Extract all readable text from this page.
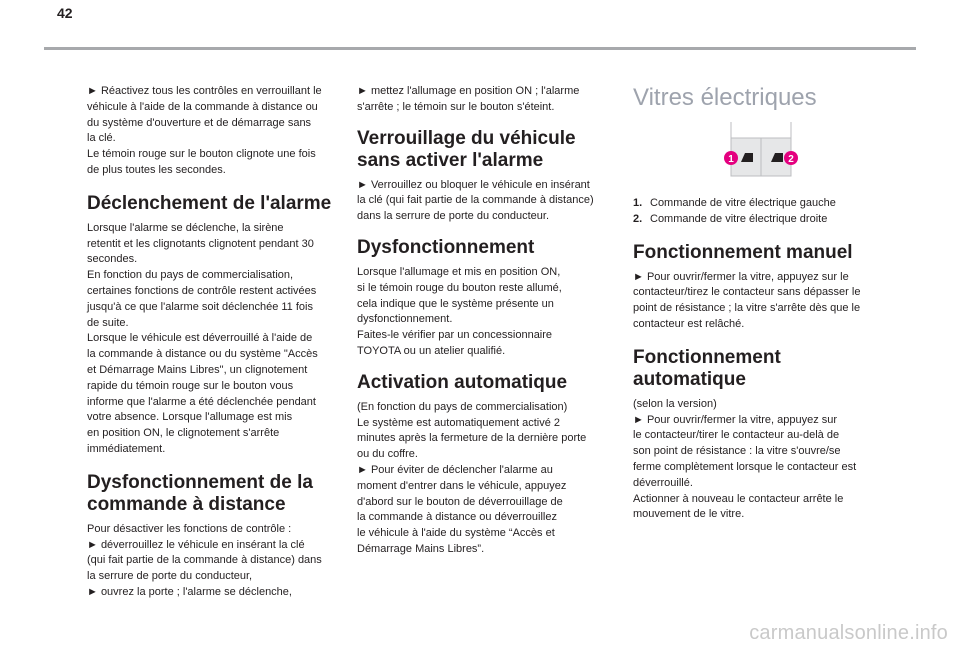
42
► Réactivez tous les contrôles en verrouillant le
véhicule à l'aide de la commande à distance ou
du système d'ouverture et de démarrage sans
la clé.
Le témoin rouge sur le bouton clignote une fois
de plus toutes les secondes.
Déclenchement de l'alarme
Lorsque l'alarme se déclenche, la sirène
retentit et les clignotants clignotent pendant 30
secondes.
En fonction du pays de commercialisation,
certaines fonctions de contrôle restent activées
jusqu'à ce que l'alarme soit déclenchée 11 fois
de suite.
Lorsque le véhicule est déverrouillé à l'aide de
la commande à distance ou du système "Accès
et Démarrage Mains Libres", un clignotement
rapide du témoin rouge sur le bouton vous
informe que l'alarme a été déclenchée pendant
votre absence. Lorsque l'allumage est mis
en position ON, le clignotement s'arrête
immédiatement.
Dysfonctionnement de la
commande à distance
Pour désactiver les fonctions de contrôle :
► déverrouillez le véhicule en insérant la clé
(qui fait partie de la commande à distance) dans
la serrure de porte du conducteur,
► ouvrez la porte ; l'alarme se déclenche,
► mettez l'allumage en position ON ; l'alarme
s'arrête ; le témoin sur le bouton s'éteint.
Verrouillage du véhicule
sans activer l'alarme
► Verrouillez ou bloquer le véhicule en insérant
la clé (qui fait partie de la commande à distance)
dans la serrure de porte du conducteur.
Dysfonctionnement
Lorsque l'allumage et mis en position ON,
si le témoin rouge du bouton reste allumé,
cela indique que le système présente un
dysfonctionnement.
Faites-le vérifier par un concessionnaire
TOYOTA ou un atelier qualifié.
Activation automatique
(En fonction du pays de commercialisation)
Le système est automatiquement activé 2
minutes après la fermeture de la dernière porte
ou du coffre.
► Pour éviter de déclencher l'alarme au
moment d'entrer dans le véhicule, appuyez
d'abord sur le bouton de déverrouillage de
la commande à distance ou déverrouillez
le véhicule à l'aide du système “Accès et
Démarrage Mains Libres”.
Vitres électriques
1	2
1. Commande de vitre électrique gauche
2. Commande de vitre électrique droite
Fonctionnement manuel
► Pour ouvrir/fermer la vitre, appuyez sur le
contacteur/tirez le contacteur sans dépasser le
point de résistance ; la vitre s'arrête dès que le
contacteur est relâché.
Fonctionnement
automatique
(selon la version)
► Pour ouvrir/fermer la vitre, appuyez sur
le contacteur/tirer le contacteur au-delà de
son point de résistance : la vitre s'ouvre/se
ferme complètement lorsque le contacteur est
déverrouillé.
Actionner à nouveau le contacteur arrête le
mouvement de le vitre.
carmanualsonline.info
